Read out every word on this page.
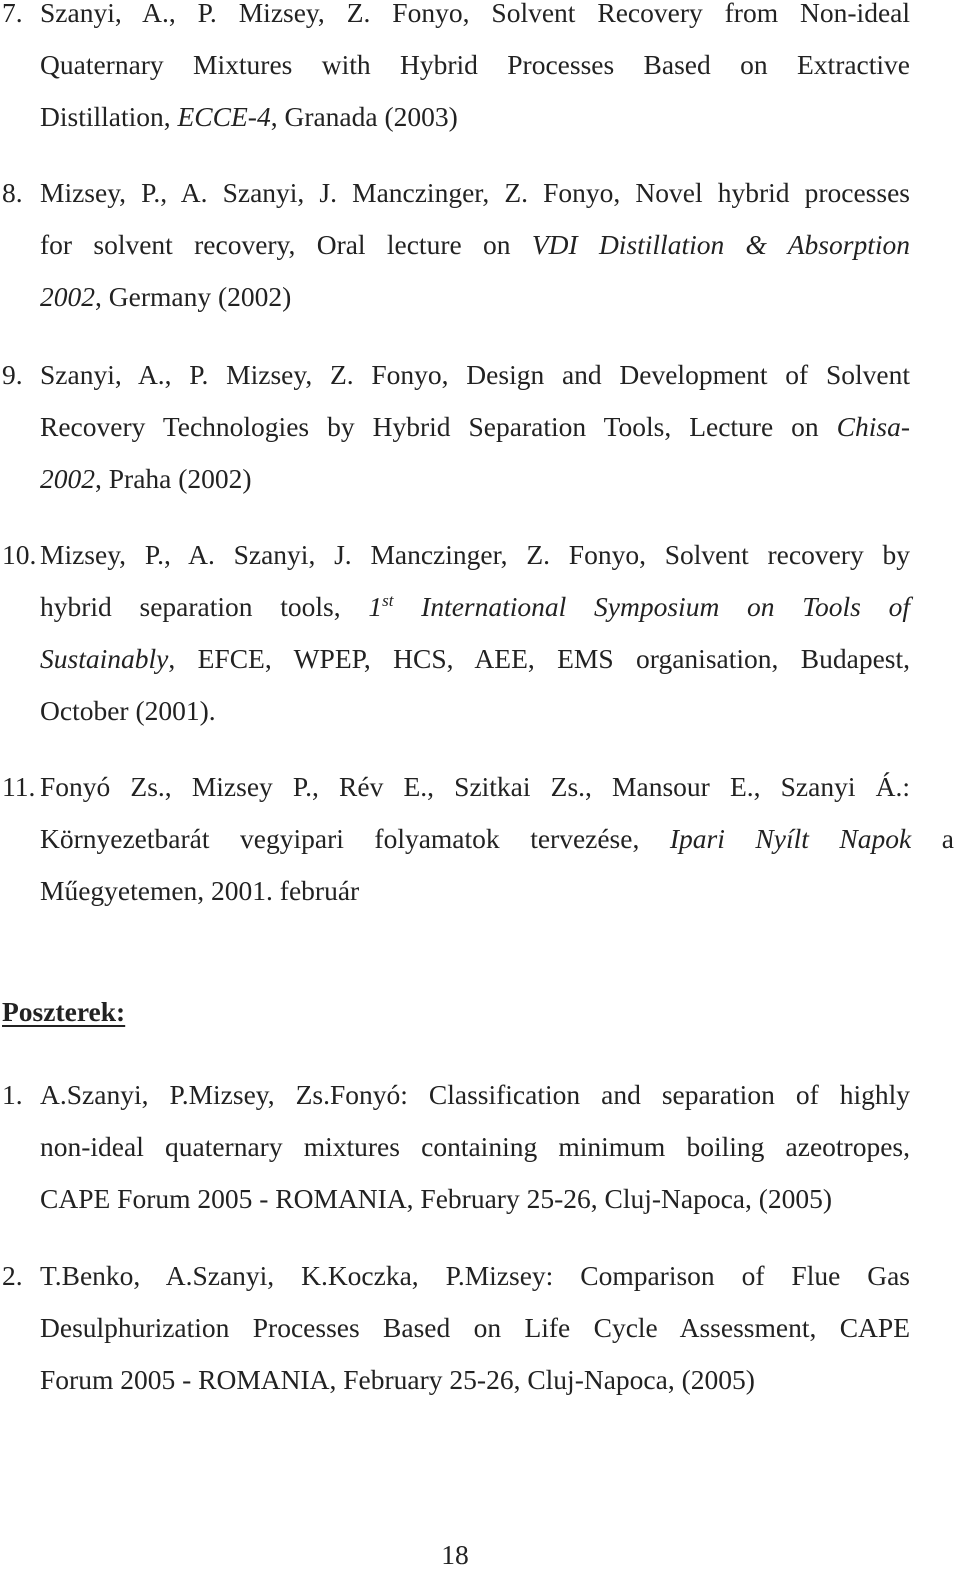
7. Szanyi, A., P. Mizsey, Z. Fonyo, Solvent Recovery from Non-ideal
Quaternary Mixtures with Hybrid Processes Based on Extractive
Distillation, ECCE-4, Granada (2003)
8. Mizsey, P., A. Szanyi, J. Manczinger, Z. Fonyo, Novel hybrid processes
for solvent recovery, Oral lecture on VDI Distillation & Absorption
2002, Germany (2002)
9. Szanyi, A., P. Mizsey, Z. Fonyo, Design and Development of Solvent
Recovery Technologies by Hybrid Separation Tools, Lecture on Chisa-
2002, Praha (2002)
10. Mizsey, P., A. Szanyi, J. Manczinger, Z. Fonyo, Solvent recovery by
hybrid separation tools, 1st International Symposium on Tools of
Sustainably, EFCE, WPEP, HCS, AEE, EMS organisation, Budapest,
October (2001).
11. Fonyó Zs., Mizsey P., Rév E., Szitkai Zs., Mansour E., Szanyi Á.:
Környezetbarát vegyipari folyamatok tervezése, Ipari Nyílt Napok a
Műegyetemen, 2001. február
Poszterek:
1. A.Szanyi, P.Mizsey, Zs.Fonyó: Classification and separation of highly
non-ideal quaternary mixtures containing minimum boiling azeotropes,
CAPE Forum 2005 - ROMANIA, February 25-26, Cluj-Napoca, (2005)
2. T.Benko, A.Szanyi, K.Koczka, P.Mizsey: Comparison of Flue Gas
Desulphurization Processes Based on Life Cycle Assessment, CAPE
Forum 2005 - ROMANIA, February 25-26, Cluj-Napoca, (2005)
18
